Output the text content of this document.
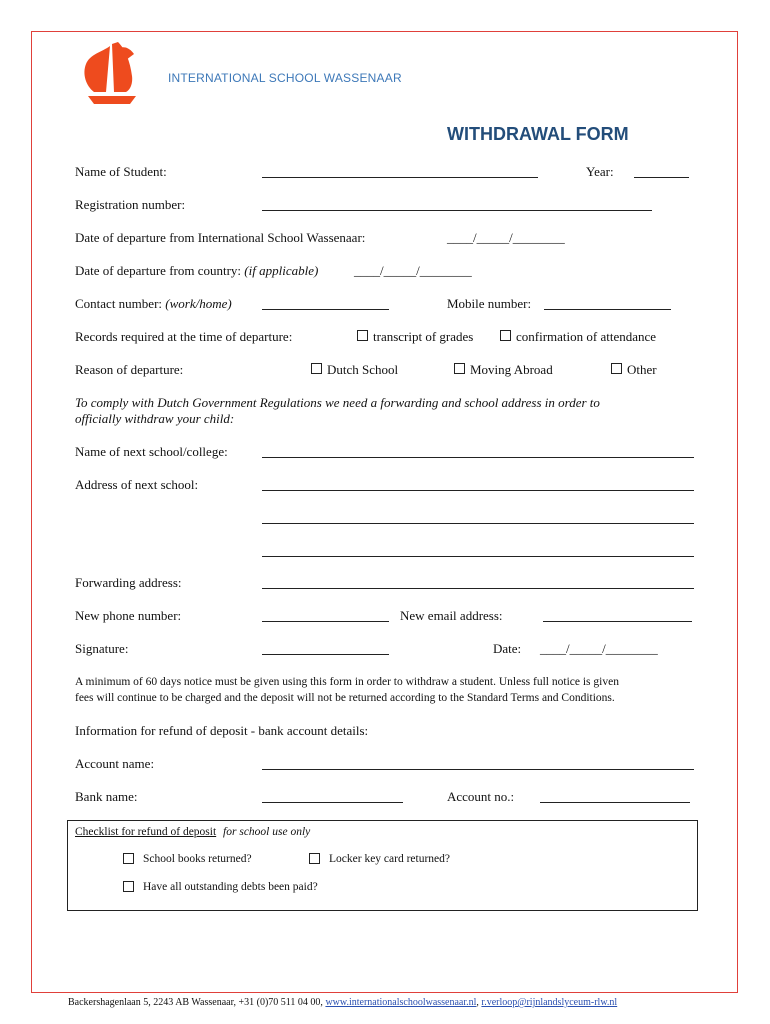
INTERNATIONAL SCHOOL WASSENAAR
WITHDRAWAL FORM
Name of Student:	Year:
Registration number:
Date of departure from International School Wassenaar:	____/_____/________
Date of departure from country: (if applicable)	____/_____/________
Contact number: (work/home)	Mobile number:
Records required at the time of departure:	transcript of grades	confirmation of attendance
Reason of departure:	Dutch School	Moving Abroad	Other
To comply with Dutch Government Regulations we need a forwarding and school address in order to
officially withdraw your child:
Name of next school/college:
Address of next school:
Forwarding address:
New phone number:	New email address:
Signature:	Date: ____/_____/________
A minimum of 60 days notice must be given using this form in order to withdraw a student. Unless full notice is given
fees will continue to be charged and the deposit will not be returned according to the Standard Terms and Conditions.
Information for refund of deposit - bank account details:
Account name:
Bank name:	Account no.:
Checklist for refund of deposit for school use only
School books returned?	Locker key card returned?
Have all outstanding debts been paid?
Backershagenlaan 5, 2243 AB Wassenaar, +31 (0)70 511 04 00, www.internationalschoolwassenaar.nl, r.verloop@rijnlandslyceum-rlw.nl
